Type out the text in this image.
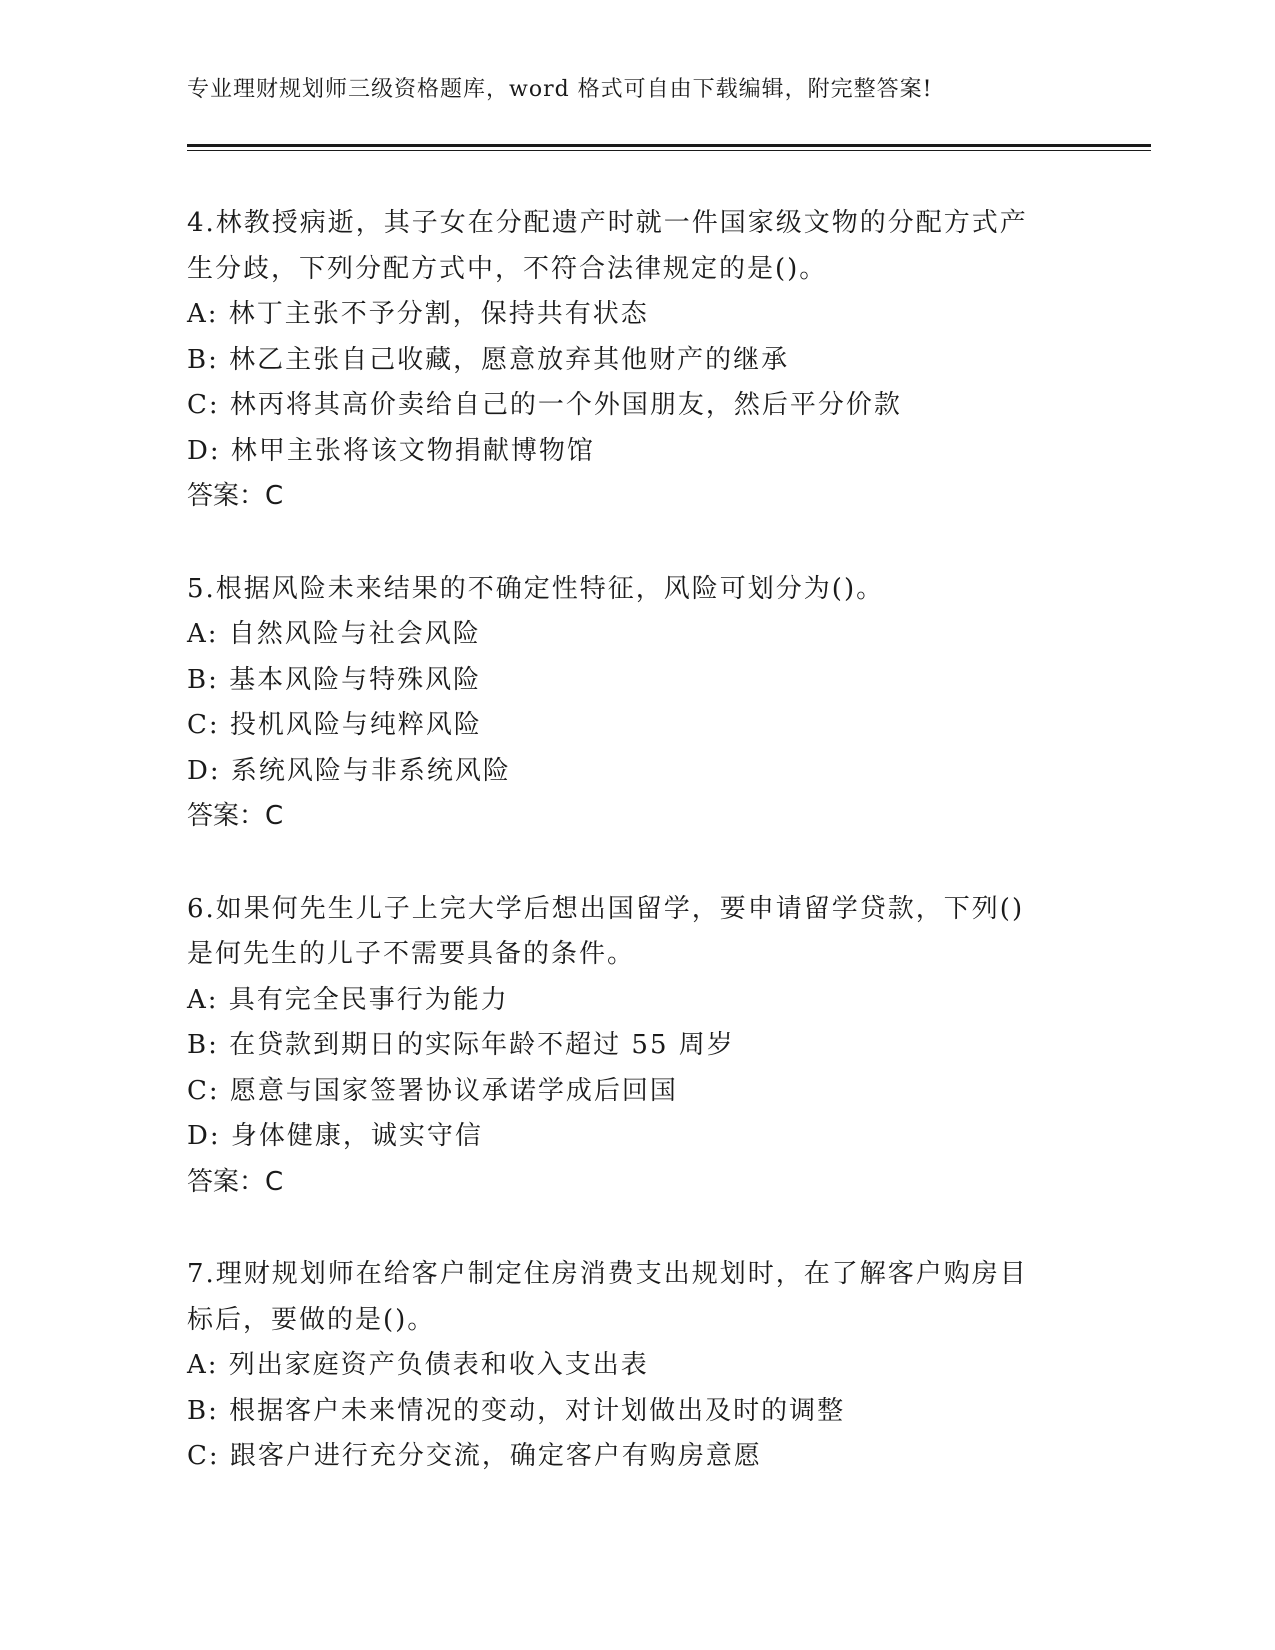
专业理财规划师三级资格题库，word 格式可自由下载编辑，附完整答案!
4.林教授病逝，其子女在分配遗产时就一件国家级文物的分配方式产
生分歧，下列分配方式中，不符合法律规定的是()。
A: 林丁主张不予分割，保持共有状态
B: 林乙主张自己收藏，愿意放弃其他财产的继承
C: 林丙将其高价卖给自己的一个外国朋友，然后平分价款
D: 林甲主张将该文物捐献博物馆
答案：C
5.根据风险未来结果的不确定性特征，风险可划分为()。
A: 自然风险与社会风险
B: 基本风险与特殊风险
C: 投机风险与纯粹风险
D: 系统风险与非系统风险
答案：C
6.如果何先生儿子上完大学后想出国留学，要申请留学贷款，下列()
是何先生的儿子不需要具备的条件。
A: 具有完全民事行为能力
B: 在贷款到期日的实际年龄不超过 55 周岁
C: 愿意与国家签署协议承诺学成后回国
D: 身体健康，诚实守信
答案：C
7.理财规划师在给客户制定住房消费支出规划时，在了解客户购房目
标后，要做的是()。
A: 列出家庭资产负债表和收入支出表
B: 根据客户未来情况的变动，对计划做出及时的调整
C: 跟客户进行充分交流，确定客户有购房意愿
